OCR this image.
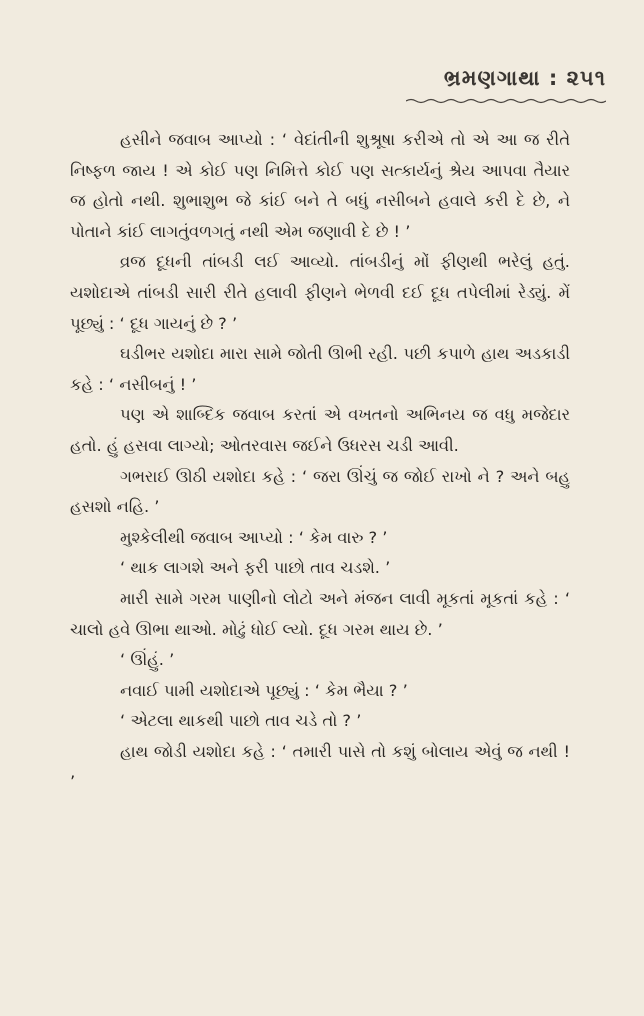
ભ્રમણગાથા : ૨૫૧

હસીને જવાબ આપ્યો : ‘ વેદાંતીની શુશ્રૂષા કરીએ તો એ આ જ રીતે નિષ્ફળ જાય ! એ કોઈ પણ નિમિત્તે કોઈ પણ સત્કાર્યનું શ્રેય આપવા તૈયાર જ હોતો નથી. શુભાશુભ જે કાંઈ બને તે બધું નસીબને હવાલે કરી દે છે, ને પોતાને કાંઈ લાગતુંવળગતું નથી એમ જણાવી દે છે ! ’

વ્રજ દૂધની તાંબડી લઈ આવ્યો. તાંબડીનું મોં ફીણથી ભરેલું હતું. યશોદાએ તાંબડી સારી રીતે હલાવી ફીણને ભેળવી દઈ દૂધ તપેલીમાં રેડ્યું. મેં પૂછ્યું : ‘ દૂધ ગાયનું છે ? ’

ઘડીભર યશોદા મારા સામે જોતી ઊભી રહી. પછી કપાળે હાથ અડકાડી કહે : ‘ નસીબનું ! ’

પણ એ શાબ્દિક જવાબ કરતાં એ વખતનો અભિનય જ વધુ મજેદાર હતો. હું હસવા લાગ્યો; ઓતરવાસ જઈને ઉધરસ ચડી આવી.

ગભરાઈ ઊઠી યશોદા કહે : ‘ જરા ઊંચું જ જોઈ રાખો ને ? અને બહુ હસશો નહિ. ’

મુશ્કેલીથી જવાબ આપ્યો : ‘ કેમ વારુ ? ’

‘ થાક લાગશે અને ફરી પાછો તાવ ચડશે. ’

મારી સામે ગરમ પાણીનો લોટો અને મંજન લાવી મૂકતાં મૂકતાં કહે : ‘ ચાલો હવે ઊભા થાઓ. મોઢું ધોઈ લ્યો. દૂધ ગરમ થાય છે. ’

‘ ઊંહું. ’

નવાઈ પામી યશોદાએ પૂછ્યું : ‘ કેમ ભૈયા ? ’

‘ એટલા થાકથી પાછો તાવ ચડે તો ? ’

હાથ જોડી યશોદા કહે : ‘ તમારી પાસે તો કશું બોલાય એવું જ નથી ! ’
